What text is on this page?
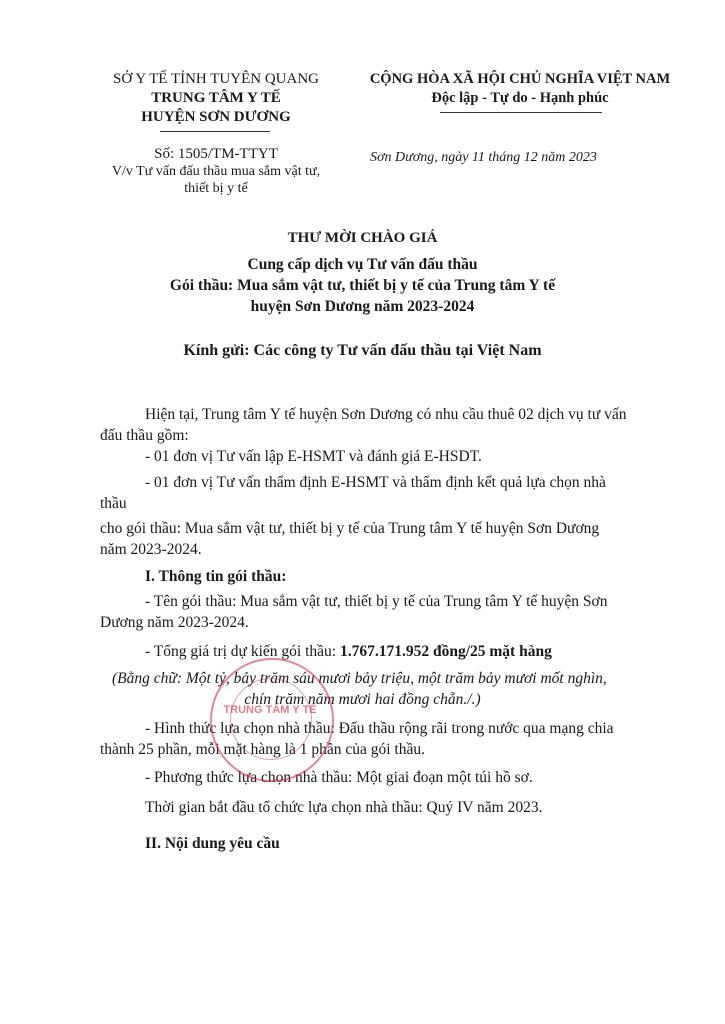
SỞ Y TẾ TỈNH TUYÊN QUANG
TRUNG TÂM Y TẾ
HUYỆN SƠN DƯƠNG
CỘNG HÒA XÃ HỘI CHỦ NGHĨA VIỆT NAM
Độc lập - Tự do - Hạnh phúc
Số: 1505/TM-TTYT
V/v Tư vấn đấu thầu mua sắm vật tư,
thiết bị y tế
Sơn Dương, ngày 11 tháng 12 năm 2023
THƯ MỜI CHÀO GIÁ
Cung cấp dịch vụ Tư vấn đấu thầu
Gói thầu: Mua sắm vật tư, thiết bị y tế của Trung tâm Y tế
huyện Sơn Dương năm 2023-2024
Kính gửi: Các công ty Tư vấn đấu thầu tại Việt Nam
Hiện tại, Trung tâm Y tế huyện Sơn Dương có nhu cầu thuê 02 dịch vụ tư vấn
đấu thầu gồm:
- 01 đơn vị Tư vấn lập E-HSMT và đánh giá E-HSDT.
- 01 đơn vị Tư vấn thẩm định E-HSMT và thẩm định kết quả lựa chọn nhà
thầu
cho gói thầu: Mua sắm vật tư, thiết bị y tế của Trung tâm Y tế huyện Sơn Dương
năm 2023-2024.
I. Thông tin gói thầu:
- Tên gói thầu: Mua sắm vật tư, thiết bị y tế của Trung tâm Y tế huyện Sơn
Dương năm 2023-2024.
- Tổng giá trị dự kiến gói thầu: 1.767.171.952 đồng/25 mặt hàng
(Bằng chữ: Một tỷ, bảy trăm sáu mươi bảy triệu, một trăm bảy mươi mốt nghìn,
chín trăm năm mươi hai đồng chẵn./.)
- Hình thức lựa chọn nhà thầu: Đấu thầu rộng rãi trong nước qua mạng chia
thành 25 phần, mỗi mặt hàng là 1 phần của gói thầu.
- Phương thức lựa chọn nhà thầu: Một giai đoạn một túi hồ sơ.
Thời gian bắt đầu tổ chức lựa chọn nhà thầu: Quý IV năm 2023.
II. Nội dung yêu cầu
TRUNG TÂM Y TẾ
